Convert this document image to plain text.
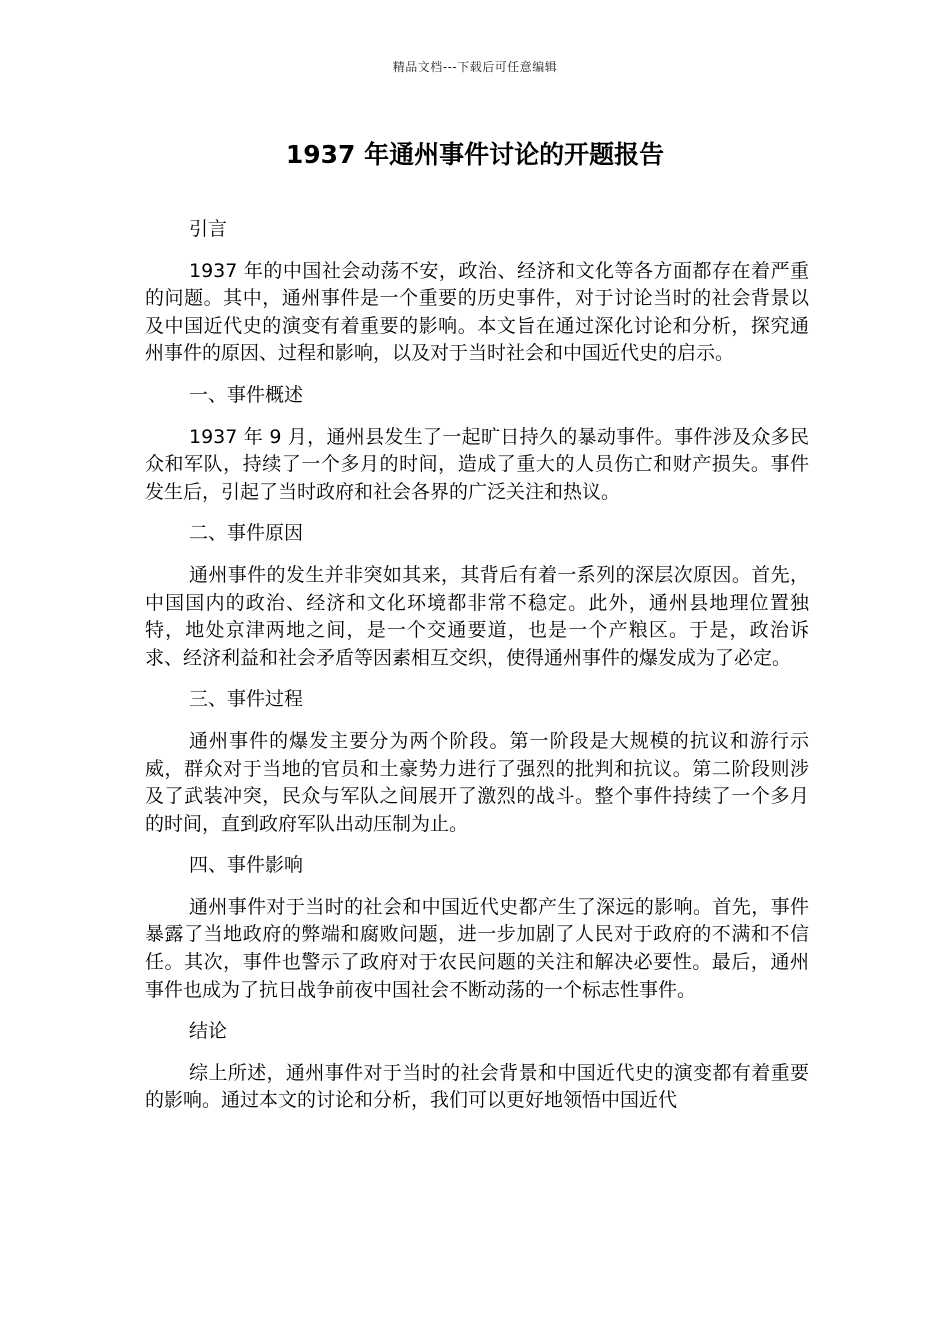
精品文档---下载后可任意编辑
1937 年通州事件讨论的开题报告
引言

1937 年的中国社会动荡不安，政治、经济和文化等各方面都存在着严重的问题。其中，通州事件是一个重要的历史事件，对于讨论当时的社会背景以及中国近代史的演变有着重要的影响。本文旨在通过深化讨论和分析，探究通州事件的原因、过程和影响，以及对于当时社会和中国近代史的启示。

一、事件概述

1937 年 9 月，通州县发生了一起旷日持久的暴动事件。事件涉及众多民众和军队，持续了一个多月的时间，造成了重大的人员伤亡和财产损失。事件发生后，引起了当时政府和社会各界的广泛关注和热议。

二、事件原因

通州事件的发生并非突如其来，其背后有着一系列的深层次原因。首先，中国国内的政治、经济和文化环境都非常不稳定。此外，通州县地理位置独特，地处京津两地之间，是一个交通要道，也是一个产粮区。于是，政治诉求、经济利益和社会矛盾等因素相互交织，使得通州事件的爆发成为了必定。

三、事件过程

通州事件的爆发主要分为两个阶段。第一阶段是大规模的抗议和游行示威，群众对于当地的官员和土豪势力进行了强烈的批判和抗议。第二阶段则涉及了武装冲突，民众与军队之间展开了激烈的战斗。整个事件持续了一个多月的时间，直到政府军队出动压制为止。

四、事件影响

通州事件对于当时的社会和中国近代史都产生了深远的影响。首先，事件暴露了当地政府的弊端和腐败问题，进一步加剧了人民对于政府的不满和不信任。其次，事件也警示了政府对于农民问题的关注和解决必要性。最后，通州事件也成为了抗日战争前夜中国社会不断动荡的一个标志性事件。

结论

综上所述，通州事件对于当时的社会背景和中国近代史的演变都有着重要的影响。通过本文的讨论和分析，我们可以更好地领悟中国近代
